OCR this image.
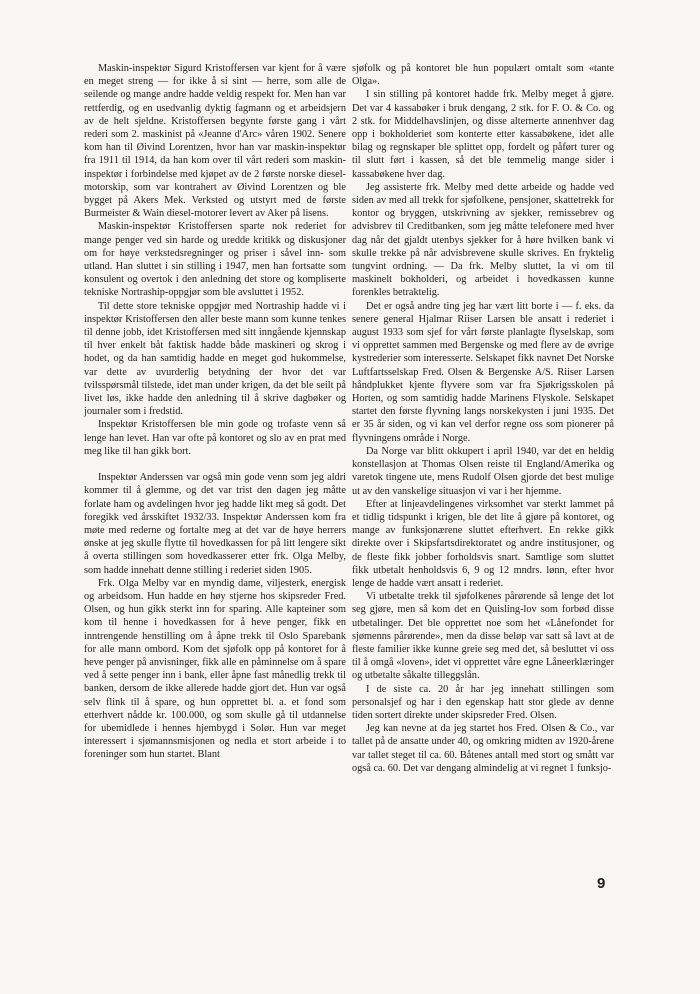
Maskin-inspektør Sigurd Kristoffersen var kjent for å være en meget streng — for ikke å si sint — herre, som alle de seilende og mange andre hadde veldig respekt for. Men han var rettferdig, og en usedvanlig dyktig fagmann og et arbeidsjern av de helt sjeldne. Kristoffersen begynte første gang i vårt rederi som 2. maskinist på «Jeanne d'Arc» våren 1902. Senere kom han til Øivind Lorentzen, hvor han var maskin-inspektør fra 1911 til 1914, da han kom over til vårt rederi som maskin-inspektør i forbindelse med kjøpet av de 2 første norske diesel-motorskip, som var kontrahert av Øivind Lorentzen og ble bygget på Akers Mek. Verksted og utstyrt med de første Burmeister & Wain diesel-motorer levert av Aker på lisens.

Maskin-inspektør Kristoffersen sparte nok rederiet for mange penger ved sin harde og uredde kritikk og diskusjoner om for høye verkstedsregninger og priser i såvel inn- som utland. Han sluttet i sin stilling i 1947, men han fortsatte som konsulent og overtok i den anledning det store og kompliserte tekniske Nortraship-oppgjør som ble avsluttet i 1952.

Til dette store tekniske oppgjør med Nortraship hadde vi i inspektør Kristoffersen den aller beste mann som kunne tenkes til denne jobb, idet Kristoffersen med sitt inngående kjennskap til hver enkelt båt faktisk hadde både maskineri og skrog i hodet, og da han samtidig hadde en meget god hukommelse, var dette av uvurderlig betydning der hvor det var tvilsspørsmål tilstede, idet man under krigen, da det ble seilt på livet løs, ikke hadde den anledning til å skrive dagbøker og journaler som i fredstid.

Inspektør Kristoffersen ble min gode og trofaste venn så lenge han levet. Han var ofte på kontoret og slo av en prat med meg like til han gikk bort.

Inspektør Anderssen var også min gode venn som jeg aldri kommer til å glemme, og det var trist den dagen jeg måtte forlate ham og avdelingen hvor jeg hadde likt meg så godt. Det foregikk ved årsskiftet 1932/33. Inspektør Anderssen kom fra møte med rederne og fortalte meg at det var de høye herrers ønske at jeg skulle flytte til hovedkassen for på litt lengere sikt å overta stillingen som hovedkasserer etter frk. Olga Melby, som hadde innehatt denne stilling i rederiet siden 1905.

Frk. Olga Melby var en myndig dame, viljesterk, energisk og arbeidsom. Hun hadde en høy stjerne hos skipsreder Fred. Olsen, og hun gikk sterkt inn for sparing. Alle kapteiner som kom til henne i hovedkassen for å heve penger, fikk en inntrengende henstilling om å åpne trekk til Oslo Sparebank for alle mann ombord. Kom det sjøfolk opp på kontoret for å heve penger på anvisninger, fikk alle en påminnelse om å spare ved å sette penger inn i bank, eller åpne fast månedlig trekk til banken, dersom de ikke allerede hadde gjort det. Hun var også selv flink til å spare, og hun opprettet bl. a. et fond som etterhvert nådde kr. 100.000, og som skulle gå til utdannelse for ubemidlede i hennes hjembygd i Solør. Hun var meget interessert i sjømannsmisjonen og nedla et stort arbeide i to foreninger som hun startet. Blant

sjøfolk og på kontoret ble hun populært omtalt som «tante Olga».

I sin stilling på kontoret hadde frk. Melby meget å gjøre. Det var 4 kassabøker i bruk dengang, 2 stk. for F. O. & Co. og 2 stk. for Middelhavslinjen, og disse alternerte annenhver dag opp i bokholderiet som konterte etter kassabøkene, idet alle bilag og regnskaper ble splittet opp, fordelt og påført turer og til slutt ført i kassen, så det ble temmelig mange sider i kassabøkene hver dag.

Jeg assisterte frk. Melby med dette arbeide og hadde ved siden av med all trekk for sjøfolkene, pensjoner, skattetrekk for kontor og bryggen, utskrivning av sjekker, remissebrev og advisbrev til Creditbanken, som jeg måtte telefonere med hver dag når det gjaldt utenbys sjekker for å høre hvilken bank vi skulle trekke på når advisbrevene skulle skrives. En fryktelig tungvint ordning. — Da frk. Melby sluttet, la vi om til maskinelt bokholderi, og arbeidet i hovedkassen kunne forenkles betraktelig.

Det er også andre ting jeg har vært litt borte i — f. eks. da senere general Hjalmar Riiser Larsen ble ansatt i rederiet i august 1933 som sjef for vårt første planlagte flyselskap, som vi opprettet sammen med Bergenske og med flere av de øvrige kystrederier som interesserte. Selskapet fikk navnet Det Norske Luftfartsselskap Fred. Olsen & Bergenske A/S. Riiser Larsen håndplukket kjente flyvere som var fra Sjøkrigsskolen på Horten, og som samtidig hadde Marinens Flyskole. Selskapet startet den første flyvning langs norskekysten i juni 1935. Det er 35 år siden, og vi kan vel derfor regne oss som pionerer på flyvningens område i Norge.

Da Norge var blitt okkupert i april 1940, var det en heldig konstellasjon at Thomas Olsen reiste til England/Amerika og varetok tingene ute, mens Rudolf Olsen gjorde det best mulige ut av den vanskelige situasjon vi var i her hjemme.

Efter at linjeavdelingenes virksomhet var sterkt lammet på et tidlig tidspunkt i krigen, ble det lite å gjøre på kontoret, og mange av funksjonærene sluttet efterhvert. En rekke gikk direkte over i Skipsfartsdirektoratet og andre institusjoner, og de fleste fikk jobber forholdsvis snart. Samtlige som sluttet fikk utbetalt henholdsvis 6, 9 og 12 mndrs. lønn, efter hvor lenge de hadde vært ansatt i rederiet.

Vi utbetalte trekk til sjøfolkenes pårørende så lenge det lot seg gjøre, men så kom det en Quisling-lov som forbød disse utbetalinger. Det ble opprettet noe som het «Lånefondet for sjømenns pårørende», men da disse beløp var satt så lavt at de fleste familier ikke kunne greie seg med det, så besluttet vi oss til å omgå «loven», idet vi opprettet våre egne Låneerklæringer og utbetalte såkalte tilleggslån.

I de siste ca. 20 år har jeg innehatt stillingen som personalsjef og har i den egenskap hatt stor glede av denne tiden sortert direkte under skipsreder Fred. Olsen.

Jeg kan nevne at da jeg startet hos Fred. Olsen & Co., var tallet på de ansatte under 40, og omkring midten av 1920-årene var tallet steget til ca. 60. Båtenes antall med stort og smått var også ca. 60. Det var dengang almindelig at vi regnet 1 funksjo-

9
